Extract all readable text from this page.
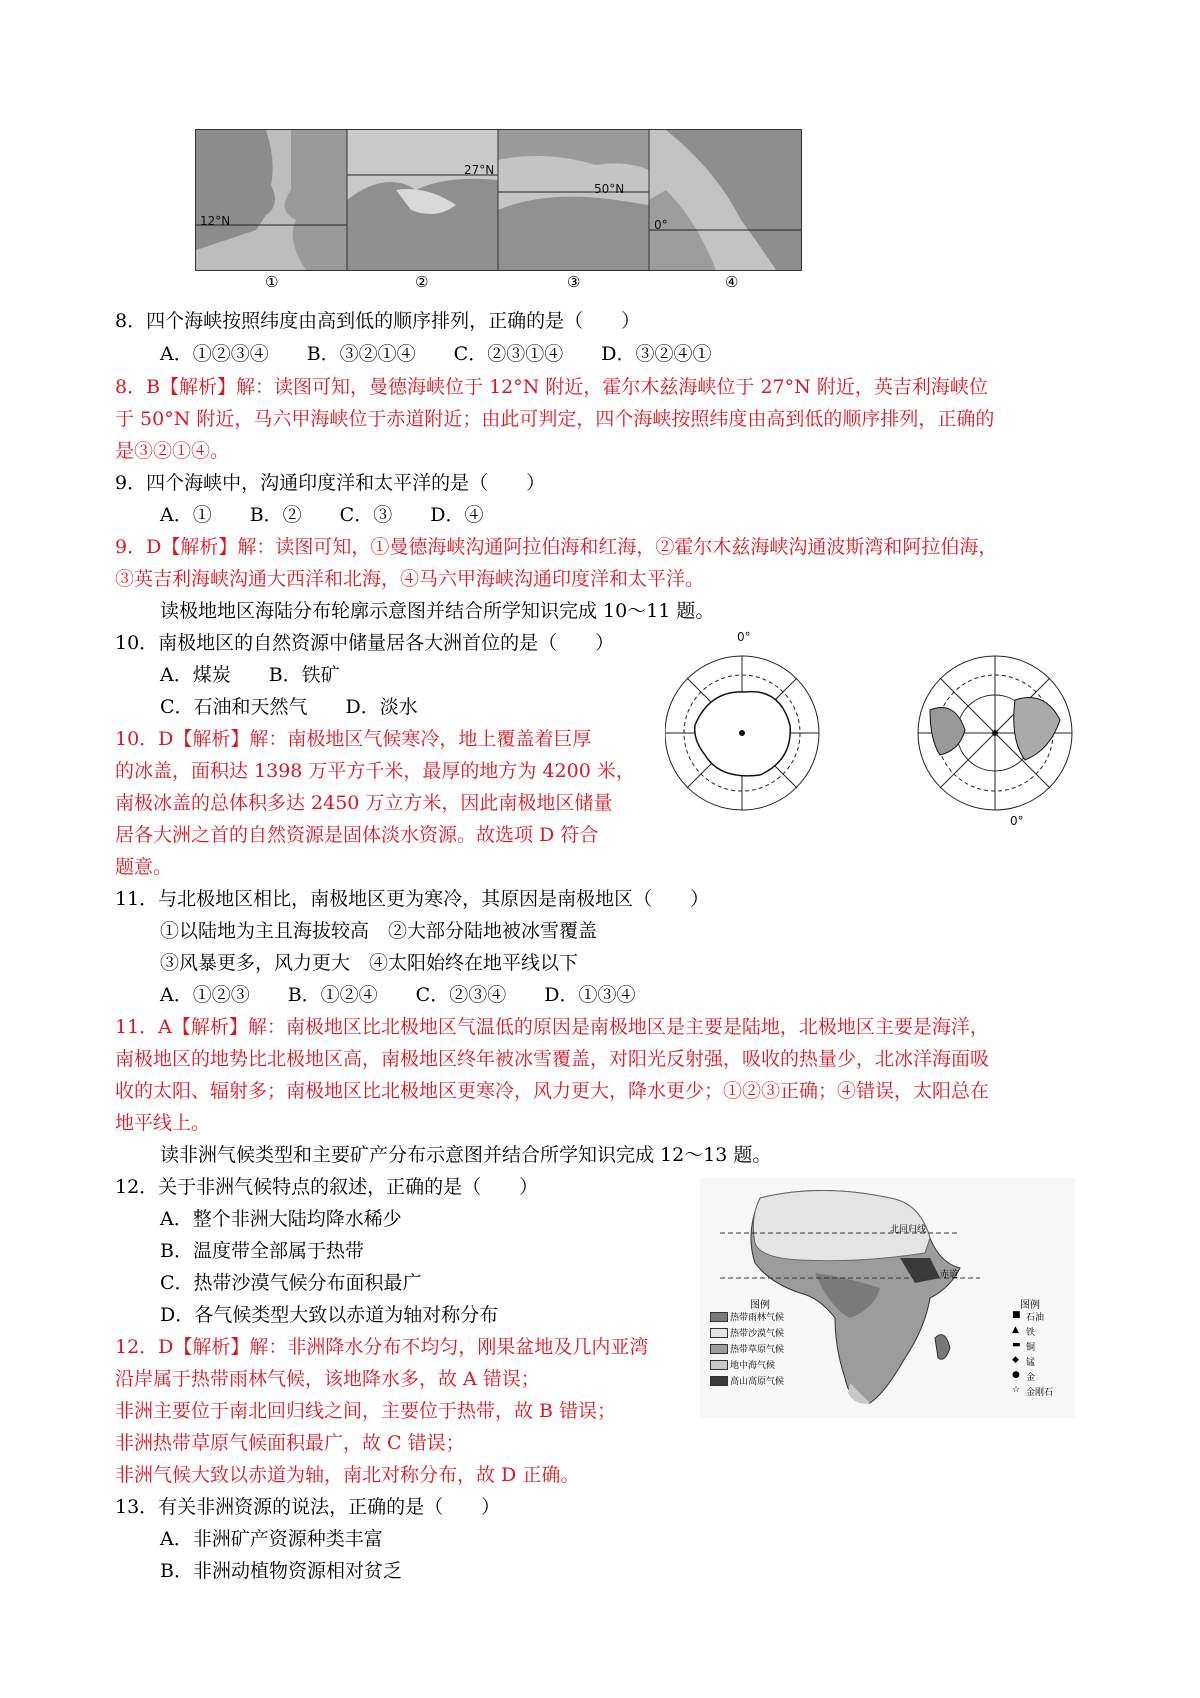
12°N
27°N
50°N
0°
①	②	③	④
8．四个海峡按照纬度由高到低的顺序排列，正确的是（　　）
A．①②③④　　B．③②①④　　C．②③①④　　D．③②④①
8．B【解析】解：读图可知，曼德海峡位于 12°N 附近，霍尔木兹海峡位于 27°N 附近，英吉利海峡位
于 50°N 附近，马六甲海峡位于赤道附近；由此可判定，四个海峡按照纬度由高到低的顺序排列，正确的
是③②①④。
9．四个海峡中，沟通印度洋和太平洋的是（　　）
A．①　　B．②　　C．③　　D．④
9．D【解析】解：读图可知，①曼德海峡沟通阿拉伯海和红海，②霍尔木兹海峡沟通波斯湾和阿拉伯海，
③英吉利海峡沟通大西洋和北海，④马六甲海峡沟通印度洋和太平洋。
读极地地区海陆分布轮廓示意图并结合所学知识完成 10～11 题。
0°
0°
10．南极地区的自然资源中储量居各大洲首位的是（　　）
A．煤炭　　B．铁矿
C．石油和天然气　　D．淡水
10．D【解析】解：南极地区气候寒冷，地上覆盖着巨厚
的冰盖，面积达 1398 万平方千米，最厚的地方为 4200 米，
南极冰盖的总体积多达 2450 万立方米，因此南极地区储量
居各大洲之首的自然资源是固体淡水资源。故选项 D 符合
题意。
11．与北极地区相比，南极地区更为寒冷，其原因是南极地区（　　）
①以陆地为主且海拔较高　②大部分陆地被冰雪覆盖
③风暴更多，风力更大　④太阳始终在地平线以下
A．①②③　　B．①②④　　C．②③④　　D．①③④
11．A【解析】解：南极地区比北极地区气温低的原因是南极地区是主要是陆地，北极地区主要是海洋，
南极地区的地势比北极地区高，南极地区终年被冰雪覆盖，对阳光反射强，吸收的热量少，北冰洋海面吸
收的太阳、辐射多；南极地区比北极地区更寒冷，风力更大，降水更少；①②③正确；④错误，太阳总在
地平线上。
读非洲气候类型和主要矿产分布示意图并结合所学知识完成 12～13 题。
北回归线
赤道
图例
热带雨林气候
热带沙漠气候
热带草原气候
地中海气候
高山高原气候
图例
■ 石油
▲ 铁
▬ 铜
◆ 锰
● 金
☆ 金刚石
12．关于非洲气候特点的叙述，正确的是（　　）
A．整个非洲大陆均降水稀少
B．温度带全部属于热带
C．热带沙漠气候分布面积最广
D．各气候类型大致以赤道为轴对称分布
12．D【解析】解：非洲降水分布不均匀，刚果盆地及几内亚湾
沿岸属于热带雨林气候，该地降水多，故 A 错误；
非洲主要位于南北回归线之间，主要位于热带，故 B 错误；
非洲热带草原气候面积最广，故 C 错误；
非洲气候大致以赤道为轴，南北对称分布，故 D 正确。
13．有关非洲资源的说法，正确的是（　　）
A．非洲矿产资源种类丰富
B．非洲动植物资源相对贫乏
